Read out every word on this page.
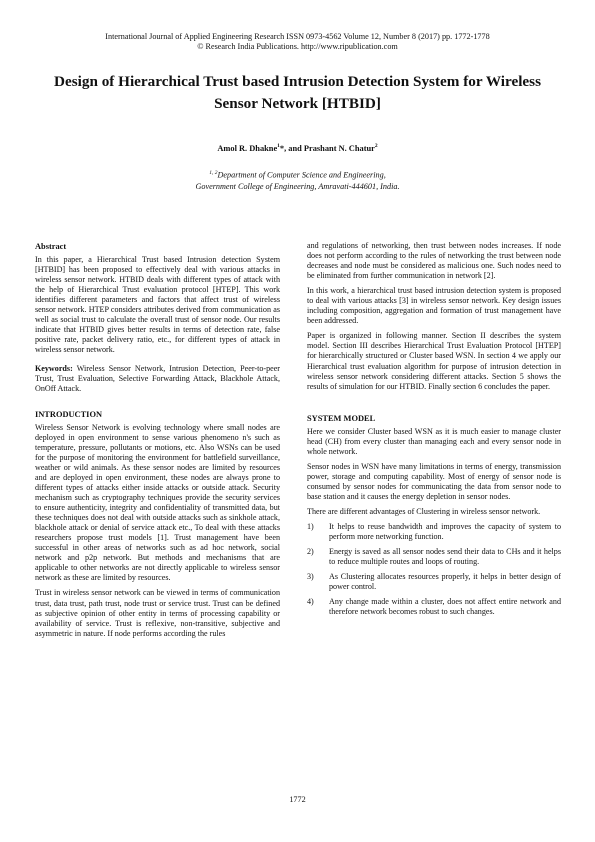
International Journal of Applied Engineering Research ISSN 0973-4562 Volume 12, Number 8 (2017) pp. 1772-1778
© Research India Publications. http://www.ripublication.com
Design of Hierarchical Trust based Intrusion Detection System for Wireless Sensor Network [HTBID]
Amol R. Dhakne$^1$*, and Prashant N. Chatur$^2$
$^{1, 2}$Department of Computer Science and Engineering,
Government College of Engineering, Amravati-444601, India.

Abstract

In this paper, a Hierarchical Trust based Intrusion detection System [HTBID] has been proposed to effectively deal with various attacks in wireless sensor network. HTBID deals with different types of attack with the help of Hierarchical Trust evaluation protocol [HTEP]. This work identifies different parameters and factors that affect trust of wireless sensor network. HTEP considers attributes derived from communication as well as social trust to calculate the overall trust of sensor node. Our results indicate that HTBID gives better results in terms of detection rate, false positive rate, packet delivery ratio, etc., for different types of attack in wireless sensor network.

Keywords: Wireless Sensor Network, Intrusion Detection, Peer-to-peer Trust, Trust Evaluation, Selective Forwarding Attack, Blackhole Attack, OnOff Attack.

INTRODUCTION

Wireless Sensor Network is evolving technology where small nodes are deployed in open environment to sense various phenomeno n's such as temperature, pressure, pollutants or motions, etc. Also WSNs can be used for the purpose of monitoring the environment for battlefield surveillance, weather or wild animals. As these sensor nodes are limited by resources and are deployed in open environment, these nodes are always prone to different types of attacks either inside attacks or outside attack. Security mechanism such as cryptography techniques provide the security services to ensure authenticity, integrity and confidentiality of transmitted data, but these techniques does not deal with outside attacks such as sinkhole attack, blackhole attack or denial of service attack etc., To deal with these attacks researchers propose trust models [1]. Trust management have been successful in other areas of networks such as ad hoc network, social network and p2p network. But methods and mechanisms that are applicable to other networks are not directly applicable to wireless sensor network as these are limited by resources.

Trust in wireless sensor network can be viewed in terms of communication trust, data trust, path trust, node trust or service trust. Trust can be defined as subjective opinion of other entity in terms of processing capability or availability of service. Trust is reflexive, non-transitive, subjective and asymmetric in nature. If node performs according the rules

and regulations of networking, then trust between nodes increases. If node does not perform according to the rules of networking the trust between node decreases and node must be considered as malicious one. Such nodes need to be eliminated from further communication in network [2].

In this work, a hierarchical trust based intrusion detection system is proposed to deal with various attacks [3] in wireless sensor network. Key design issues including composition, aggregation and formation of trust management have been addressed.

Paper is organized in following manner. Section II describes the system model. Section III describes Hierarchical Trust Evaluation Protocol [HTEP] for hierarchically structured or Cluster based WSN. In section 4 we apply our Hierarchical trust evaluation algorithm for purpose of intrusion detection in wireless sensor network considering different attacks. Section 5 shows the results of simulation for our HTBID. Finally section 6 concludes the paper.

SYSTEM MODEL

Here we consider Cluster based WSN as it is much easier to manage cluster head (CH) from every cluster than managing each and every sensor node in whole network.

Sensor nodes in WSN have many limitations in terms of energy, transmission power, storage and computing capability. Most of energy of sensor node is consumed by sensor nodes for communicating the data from sensor node to base station and it causes the energy depletion in sensor nodes.

There are different advantages of Clustering in wireless sensor network.

1) It helps to reuse bandwidth and improves the capacity of system to perform more networking function.
2) Energy is saved as all sensor nodes send their data to CHs and it helps to reduce multiple routes and loops of routing.
3) As Clustering allocates resources properly, it helps in better design of power control.
4) Any change made within a cluster, does not affect entire network and therefore network becomes robust to such changes.
1772
